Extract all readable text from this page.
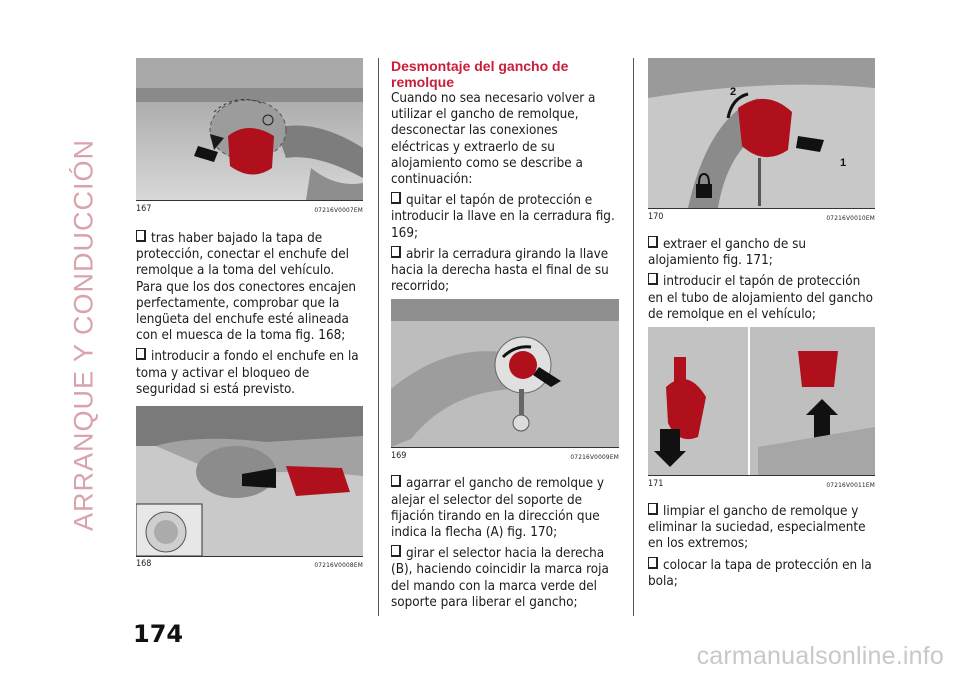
ARRANQUE Y CONDUCCIÓN	167	07216V0007EM

tras haber bajado la tapa de protección, conectar el enchufe del remolque a la toma del vehículo.

Para que los dos conectores encajen perfectamente, comprobar que la lengüeta del enchufe esté alineada con el muesca de la toma fig. 168;

introducir a fondo el enchufe en la toma y activar el bloqueo de seguridad si está previsto.

168	07216V0008EM
Desmontaje del gancho de remolque

Cuando no sea necesario volver a utilizar el gancho de remolque, desconectar las conexiones eléctricas y extraerlo de su alojamiento como se describe a continuación:

quitar el tapón de protección e introducir la llave en la cerradura fig. 169;

abrir la cerradura girando la llave hacia la derecha hasta el final de su recorrido;

169	07216V0009EM

agarrar el gancho de remolque y alejar el selector del soporte de fijación tirando en la dirección que indica la flecha (A) fig. 170;

girar el selector hacia la derecha (B), haciendo coincidir la marca roja del mando con la marca verde del soporte para liberar el gancho;

1
2
170	07216V0010EM

extraer el gancho de su alojamiento fig. 171;

introducir el tapón de protección en el tubo de alojamiento del gancho de remolque en el vehículo;

171	07216V0011EM

limpiar el gancho de remolque y eliminar la suciedad, especialmente en los extremos;

colocar la tapa de protección en la bola;

174
carmanualsonline.info
